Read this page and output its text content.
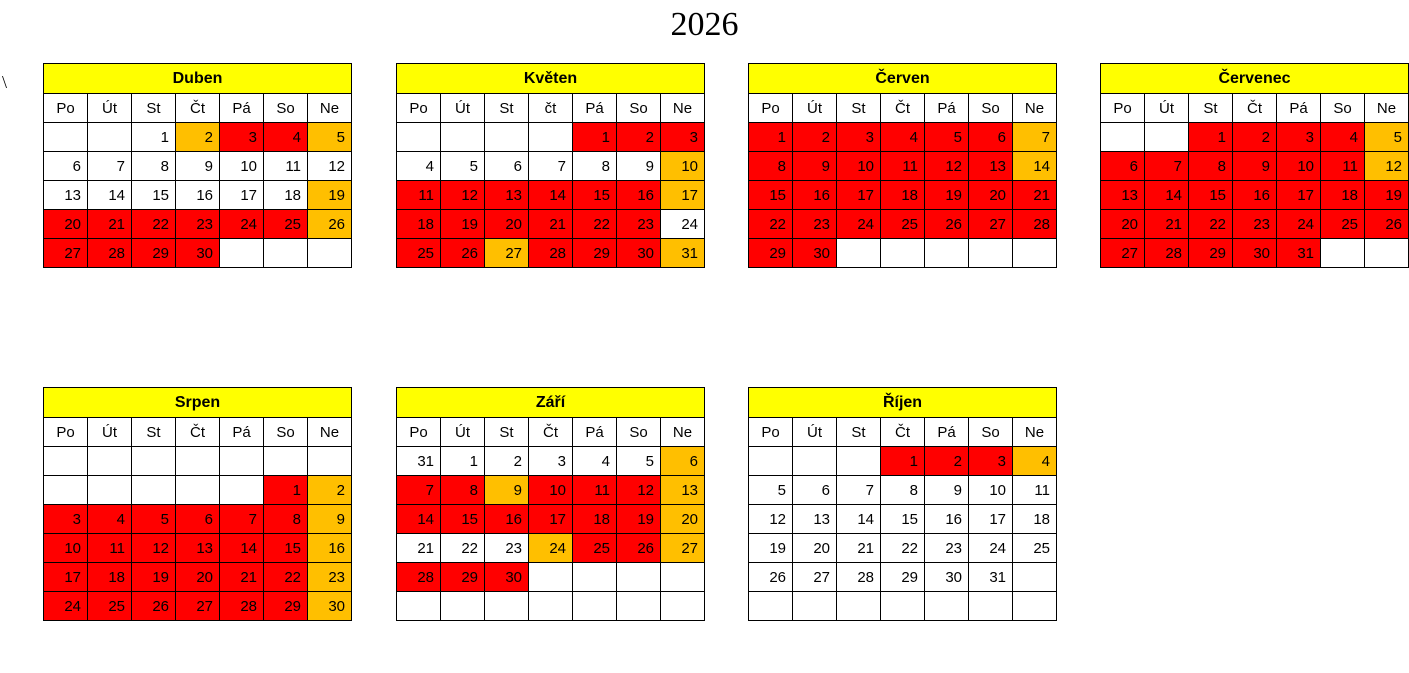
2026
\	Duben						
Po	Út	St	Čt	Pá	So	Ne
		1	2	3	4	5
6	7	8	9	10	11	12
13	14	15	16	17	18	19
20	21	22	23	24	25	26
27	28	29	30			
Květen						
Po	Út	St	čt	Pá	So	Ne
				1	2	3
4	5	6	7	8	9	10
11	12	13	14	15	16	17
18	19	20	21	22	23	24
25	26	27	28	29	30	31
Červen						
Po	Út	St	Čt	Pá	So	Ne
1	2	3	4	5	6	7
8	9	10	11	12	13	14
15	16	17	18	19	20	21
22	23	24	25	26	27	28
29	30					
Červenec						
Po	Út	St	Čt	Pá	So	Ne
		1	2	3	4	5
6	7	8	9	10	11	12
13	14	15	16	17	18	19
20	21	22	23	24	25	26
27	28	29	30	31		
Srpen						
Po	Út	St	Čt	Pá	So	Ne

					1	2
3	4	5	6	7	8	9
10	11	12	13	14	15	16
17	18	19	20	21	22	23
24	25	26	27	28	29	30
Září						
Po	Út	St	Čt	Pá	So	Ne
31	1	2	3	4	5	6
7	8	9	10	11	12	13
14	15	16	17	18	19	20
21	22	23	24	25	26	27
28	29	30				

Říjen						
Po	Út	St	Čt	Pá	So	Ne
			1	2	3	4
5	6	7	8	9	10	11
12	13	14	15	16	17	18
19	20	21	22	23	24	25
26	27	28	29	30	31	
